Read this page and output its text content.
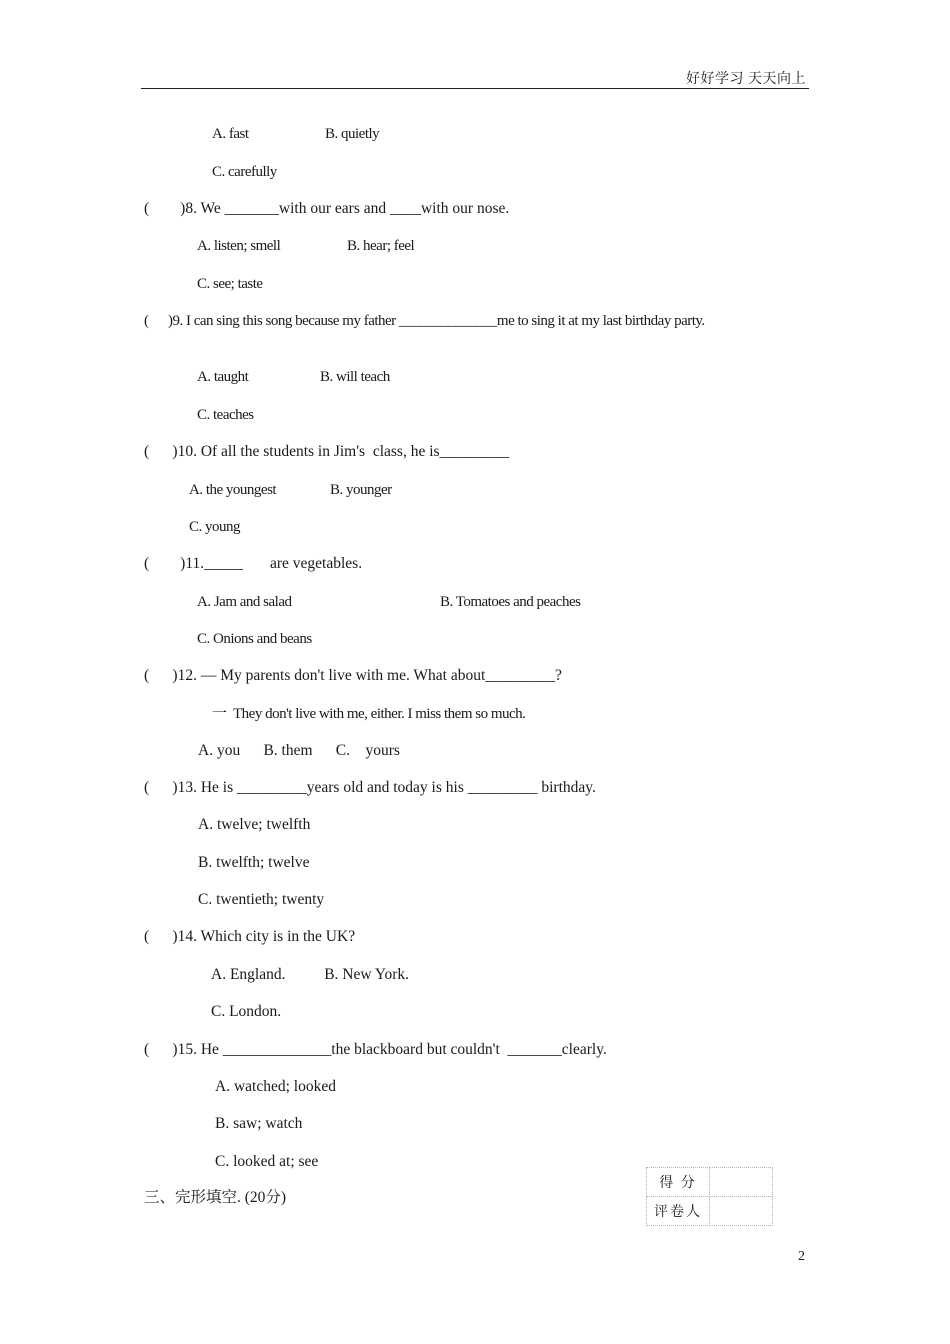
好好学习 天天向上
A. fast	B. quietly
C. carefully
(        )8. We _______with our ears and ____with our nose.
A. listen; smell	B. hear; feel
C. see; taste
(      )9. I can sing this song because my father ______________me to sing it at my last birthday party.
A. taught	B. will teach
C. teaches
(      )10. Of all the students in Jim's  class, he is_________
A. the youngest	B. younger
C. young
(        )11._____       are vegetables.
A. Jam and salad	B. Tomatoes and peaches
C. Onions and beans
(      )12. — My parents don't live with me. What about_________?
一  They don't live with me, either. I miss them so much.
A. you      B. them      C.    yours
(      )13. He is _________years old and today is his _________ birthday.
A. twelve; twelfth
B. twelfth; twelve
C. twentieth; twenty
(      )14. Which city is in the UK?
A. England.          B. New York.
C. London.
(      )15. He ______________the blackboard but couldn't  _______clearly.
A. watched; looked
B. saw; watch
C. looked at; see
三、完形填空. (20分)
得 分	
评卷人	
2
